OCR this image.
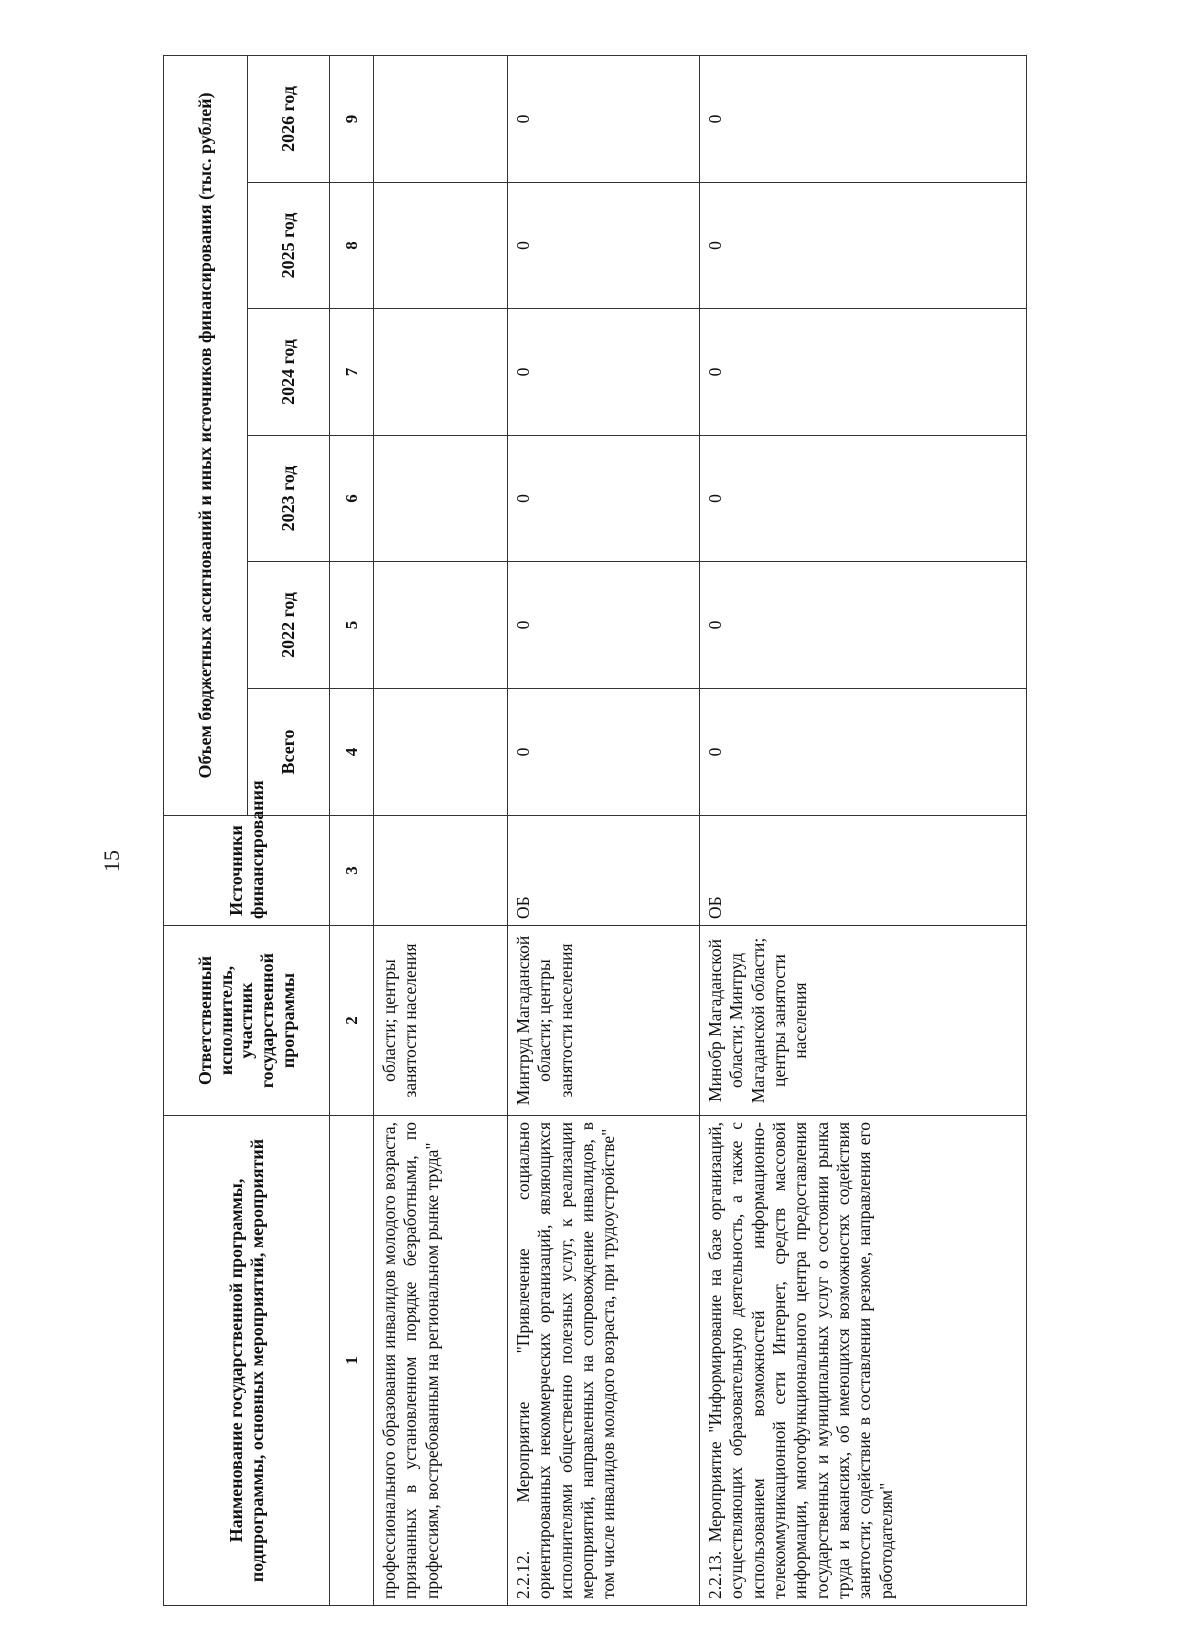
15
Наименование государственной программы, подпрограммы, основных мероприятий, мероприятий	Ответственный исполнитель, участник государственной программы	Источники финансирования	Объем бюджетных ассигнований и иных источников финансирования (тыс. рублей)					
			Всего	2022 год	2023 год	2024 год	2025 год	2026 год
1	2	3	4	5	6	7	8	9
профессионального образования инвалидов молодого возраста, признанных в установленном порядке безработными, по профессиям, востребованным на региональном рынке труда"	области; центры занятости населения							
2.2.12. Мероприятие "Привлечение социально ориентированных некоммерческих организаций, являющихся исполнителями общественно полезных услуг, к реализации мероприятий, направленных на сопровождение инвалидов, в том числе инвалидов молодого возраста, при трудоустройстве"	Минтруд Магаданской области; центры занятости населения	ОБ	0	0	0	0	0	0
2.2.13. Мероприятие "Информирование на базе организаций, осуществляющих образовательную деятельность, а также с использованием возможностей информационно-телекоммуникационной сети Интернет, средств массовой информации, многофункционального центра предоставления государственных и муниципальных услуг о состоянии рынка труда и вакансиях, об имеющихся возможностях содействия занятости; содействие в составлении резюме, направления его работодателям"	Минобр Магаданской области; Минтруд Магаданской области; центры занятости населения	ОБ	0	0	0	0	0	0
